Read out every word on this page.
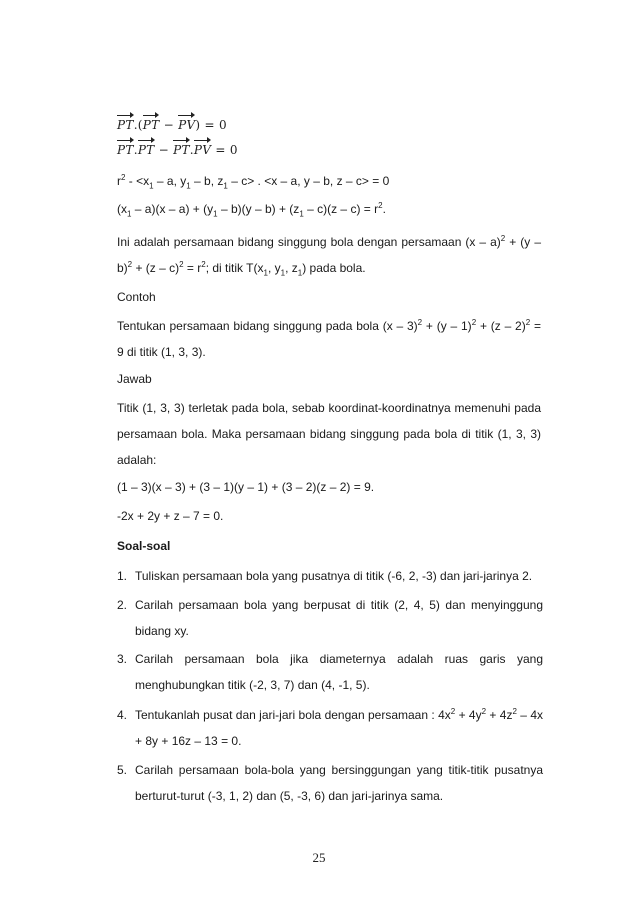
PT.(PT − PV) = 0
PT.PT − PT.PV = 0
$r^2 - <x_1 - a$, $y_1$ – b, $z_1 - c>$ . <x – a, y – b, z – c> = 0
$(x_1 - a)(x - a) + (y_1 - b)(y - b) + (z_1 - c)(z - c) = r^2$.
Ini adalah persamaan bidang singgung bola dengan persamaan $(x - a)^2 + (y - b)^2 + (z - c)^2 = r^2$; di titik $T(x_1$, $y_1$, $z_1$) pada bola.
Contoh
Tentukan persamaan bidang singgung pada bola (x – 3)$^2$ + (y – 1)$^2$ + (z – 2)$^2$ = 9 di titik (1, 3, 3).
Jawab
Titik (1, 3, 3) terletak pada bola, sebab koordinat-koordinatnya memenuhi pada persamaan bola. Maka persamaan bidang singgung pada bola di titik (1, 3, 3) adalah:
(1 – 3)(x – 3) + (3 – 1)(y – 1) + (3 – 2)(z – 2) = 9.
-2x + 2y + z – 7 = 0.
Soal-soal
1. Tuliskan persamaan bola yang pusatnya di titik (-6, 2, -3) dan jari-jarinya 2.
2. Carilah persamaan bola yang berpusat di titik (2, 4, 5) dan menyinggung bidang xy.
3. Carilah persamaan bola jika diameternya adalah ruas garis yang menghubungkan titik (-2, 3, 7) dan (4, -1, 5).
4. Tentukanlah pusat dan jari-jari bola dengan persamaan : $4x^2 + 4y^2 + 4z^2 - 4x + 8y + 16z - 13 = 0$.
5. Carilah persamaan bola-bola yang bersinggungan yang titik-titik pusatnya berturut-turut (-3, 1, 2) dan (5, -3, 6) dan jari-jarinya sama.
25
